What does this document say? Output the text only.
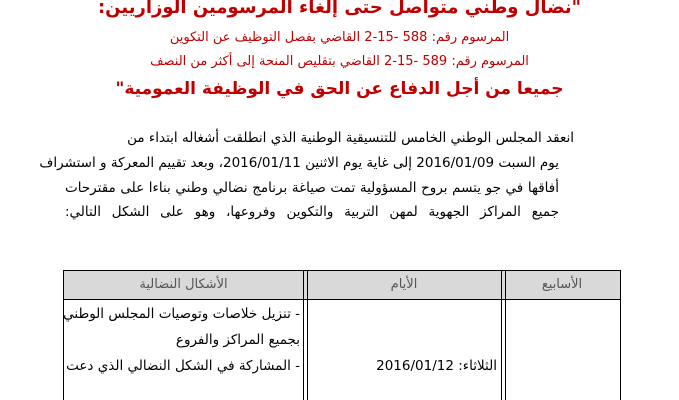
"نضال وطني متواصل حتى إلغاء المرسومين الوزاريين:
المرسوم رقم: 588 -15-2 القاضي بفصل التوظيف عن التكوين
المرسوم رقم: 589 -15-2 القاضي بتقليص المنحة إلى أكثر من النصف
جميعا من أجل الدفاع عن الحق في الوظيفة العمومية"
انعقد المجلس الوطني الخامس للتنسيقية الوطنية الذي انطلقت أشغاله ابتداء من
يوم السبت 2016/01/09 إلى غاية يوم الاثنين 2016/01/11، وبعد تقييم المعركة و استشراف
أفاقها في جو يتسم بروح المسؤولية تمت صياغة برنامج نضالي وطني بناءا على مقترحات
جميع المراكز الجهوية لمهن التربية والتكوين وفروعها، وهو على الشكل التالي:
الأشكال النضالية	الأيام	الأسابيع
- تنزيل خلاصات وتوصيات المجلس الوطني
بجميع المراكز والفروع
- المشاركة في الشكل النضالي الذي دعت	الثلاثاء: 2016/01/12
